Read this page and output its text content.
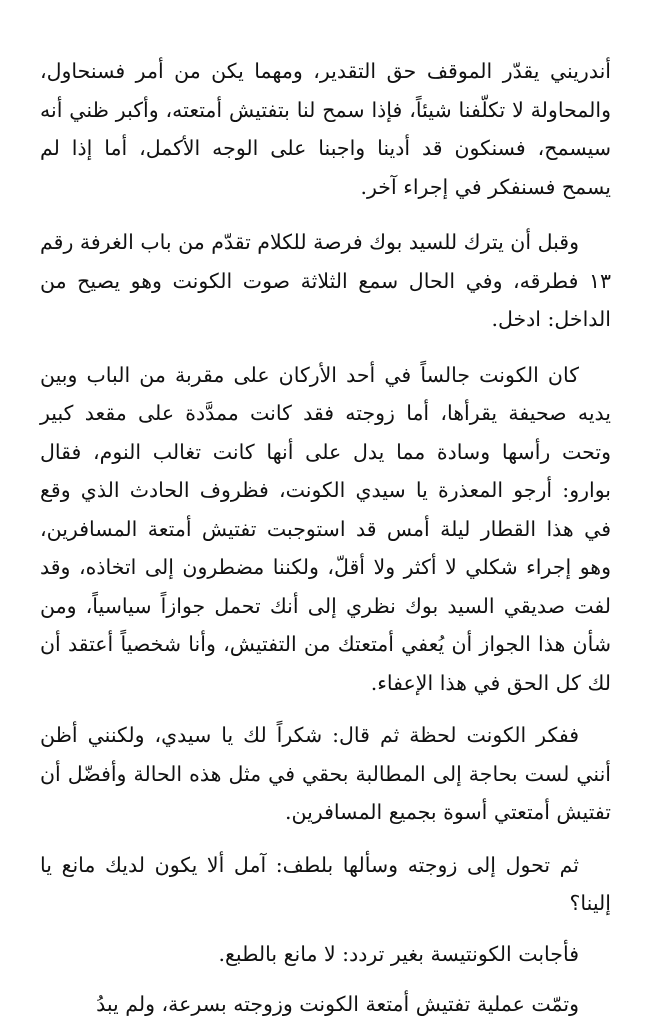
أندريني يقدّر الموقف حق التقدير، ومهما يكن من أمر فسنحاول، والمحاولة لا تكلّفنا شيئاً، فإذا سمح لنا بتفتيش أمتعته، وأكبر ظني أنه سيسمح، فسنكون قد أدينا واجبنا على الوجه الأكمل، أما إذا لم يسمح فسنفكر في إجراء آخر.

وقبل أن يترك للسيد بوك فرصة للكلام تقدّم من باب الغرفة رقم ١٣ فطرقه، وفي الحال سمع الثلاثة صوت الكونت وهو يصيح من الداخل: ادخل.

كان الكونت جالساً في أحد الأركان على مقربة من الباب وبين يديه صحيفة يقرأها، أما زوجته فقد كانت ممدَّدة على مقعد كبير وتحت رأسها وسادة مما يدل على أنها كانت تغالب النوم، فقال بوارو: أرجو المعذرة يا سيدي الكونت، فظروف الحادث الذي وقع في هذا القطار ليلة أمس قد استوجبت تفتيش أمتعة المسافرين، وهو إجراء شكلي لا أكثر ولا أقلّ، ولكننا مضطرون إلى اتخاذه، وقد لفت صديقي السيد بوك نظري إلى أنك تحمل جوازاً سياسياً، ومن شأن هذا الجواز أن يُعفي أمتعتك من التفتيش، وأنا شخصياً أعتقد أن لك كل الحق في هذا الإعفاء.

ففكر الكونت لحظة ثم قال: شكراً لك يا سيدي، ولكنني أظن أنني لست بحاجة إلى المطالبة بحقي في مثل هذه الحالة وأفضّل أن تفتيش أمتعتي أسوة بجميع المسافرين.

ثم تحول إلى زوجته وسألها بلطف: آمل ألا يكون لديك مانع يا إلينا؟

فأجابت الكونتيسة بغير تردد: لا مانع بالطبع.

وتمّت عملية تفتيش أمتعة الكونت وزوجته بسرعة، ولم يبدُ
